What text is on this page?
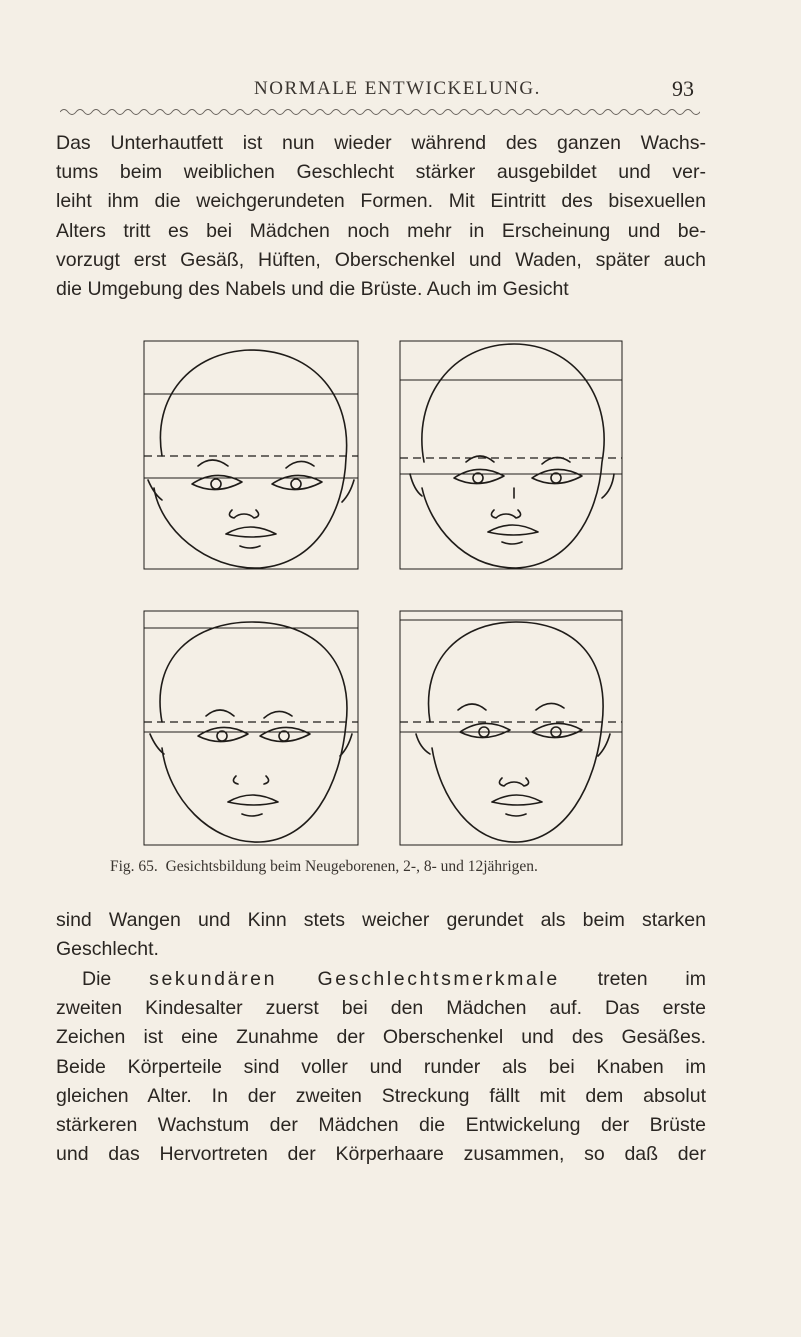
NORMALE ENTWICKELUNG.	93
Das Unterhautfett ist nun wieder während des ganzen Wachs-
tums beim weiblichen Geschlecht stärker ausgebildet und ver-
leiht ihm die weichgerundeten Formen. Mit Eintritt des bisexuellen
Alters tritt es bei Mädchen noch mehr in Erscheinung und be-
vorzugt erst Gesäß, Hüften, Oberschenkel und Waden, später auch
die Umgebung des Nabels und die Brüste. Auch im Gesicht
Fig. 65. Gesichtsbildung beim Neugeborenen, 2-, 8- und 12jährigen.
sind Wangen und Kinn stets weicher gerundet als beim starken
Geschlecht.
Die sekundären Geschlechtsmerkmale treten im
zweiten Kindesalter zuerst bei den Mädchen auf. Das erste
Zeichen ist eine Zunahme der Oberschenkel und des Gesäßes.
Beide Körperteile sind voller und runder als bei Knaben im
gleichen Alter. In der zweiten Streckung fällt mit dem absolut
stärkeren Wachstum der Mädchen die Entwickelung der Brüste
und das Hervortreten der Körperhaare zusammen, so daß der
